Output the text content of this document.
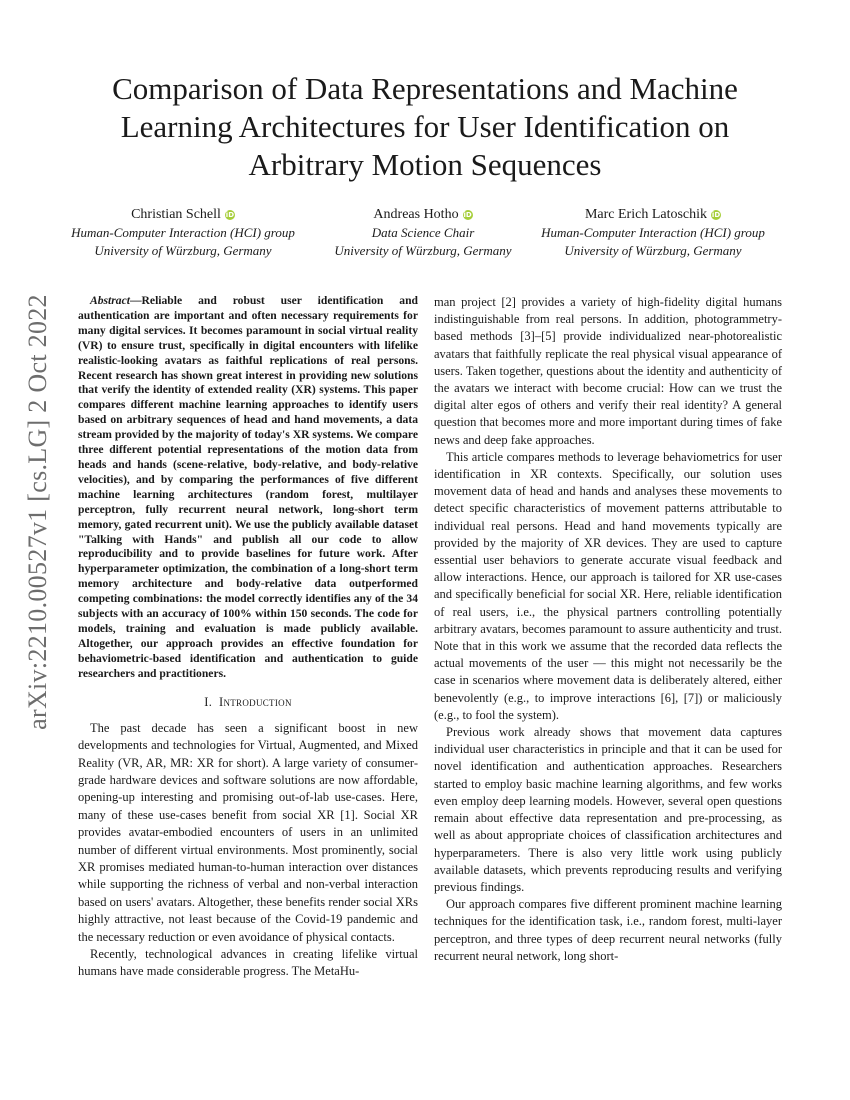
arXiv:2210.00527v1 [cs.LG] 2 Oct 2022
Comparison of Data Representations and Machine
Learning Architectures for User Identification on
Arbitrary Motion Sequences
Christian Schell iD
Human-Computer Interaction (HCI) group
University of Würzburg, Germany
Andreas Hotho iD
Data Science Chair
University of Würzburg, Germany
Marc Erich Latoschik iD
Human-Computer Interaction (HCI) group
University of Würzburg, Germany

Abstract—Reliable and robust user identification and authentication are important and often necessary requirements for many digital services. It becomes paramount in social virtual reality (VR) to ensure trust, specifically in digital encounters with lifelike realistic-looking avatars as faithful replications of real persons. Recent research has shown great interest in providing new solutions that verify the identity of extended reality (XR) systems. This paper compares different machine learning approaches to identify users based on arbitrary sequences of head and hand movements, a data stream provided by the majority of today's XR systems. We compare three different potential representations of the motion data from heads and hands (scene-relative, body-relative, and body-relative velocities), and by comparing the performances of five different machine learning architectures (random forest, multilayer perceptron, fully recurrent neural network, long-short term memory, gated recurrent unit). We use the publicly available dataset "Talking with Hands" and publish all our code to allow reproducibility and to provide baselines for future work. After hyperparameter optimization, the combination of a long-short term memory architecture and body-relative data outperformed competing combinations: the model correctly identifies any of the 34 subjects with an accuracy of 100% within 150 seconds. The code for models, training and evaluation is made publicly available. Altogether, our approach provides an effective foundation for behaviometric-based identification and authentication to guide researchers and practitioners.

I. Introduction

The past decade has seen a significant boost in new developments and technologies for Virtual, Augmented, and Mixed Reality (VR, AR, MR: XR for short). A large variety of consumer-grade hardware devices and software solutions are now affordable, opening-up interesting and promising out-of-lab use-cases. Here, many of these use-cases benefit from social XR [1]. Social XR provides avatar-embodied encounters of users in an unlimited number of different virtual environments. Most prominently, social XR promises mediated human-to-human interaction over distances while supporting the richness of verbal and non-verbal interaction based on users' avatars. Altogether, these benefits render social XRs highly attractive, not least because of the Covid-19 pandemic and the necessary reduction or even avoidance of physical contacts.

Recently, technological advances in creating lifelike virtual humans have made considerable progress. The MetaHu-

man project [2] provides a variety of high-fidelity digital humans indistinguishable from real persons. In addition, photogrammetry-based methods [3]–[5] provide individualized near-photorealistic avatars that faithfully replicate the real physical visual appearance of users. Taken together, questions about the identity and authenticity of the avatars we interact with become crucial: How can we trust the digital alter egos of others and verify their real identity? A general question that becomes more and more important during times of fake news and deep fake approaches.

This article compares methods to leverage behaviometrics for user identification in XR contexts. Specifically, our solution uses movement data of head and hands and analyses these movements to detect specific characteristics of movement patterns attributable to individual real persons. Head and hand movements typically are provided by the majority of XR devices. They are used to capture essential user behaviors to generate accurate visual feedback and allow interactions. Hence, our approach is tailored for XR use-cases and specifically beneficial for social XR. Here, reliable identification of real users, i.e., the physical partners controlling potentially arbitrary avatars, becomes paramount to assure authenticity and trust. Note that in this work we assume that the recorded data reflects the actual movements of the user — this might not necessarily be the case in scenarios where movement data is deliberately altered, either benevolently (e.g., to improve interactions [6], [7]) or maliciously (e.g., to fool the system).

Previous work already shows that movement data captures individual user characteristics in principle and that it can be used for novel identification and authentication approaches. Researchers started to employ basic machine learning algorithms, and few works even employ deep learning models. However, several open questions remain about effective data representation and pre-processing, as well as about appropriate choices of classification architectures and hyperparameters. There is also very little work using publicly available datasets, which prevents reproducing results and verifying previous findings.

Our approach compares five different prominent machine learning techniques for the identification task, i.e., random forest, multi-layer perceptron, and three types of deep recurrent neural networks (fully recurrent neural network, long short-
